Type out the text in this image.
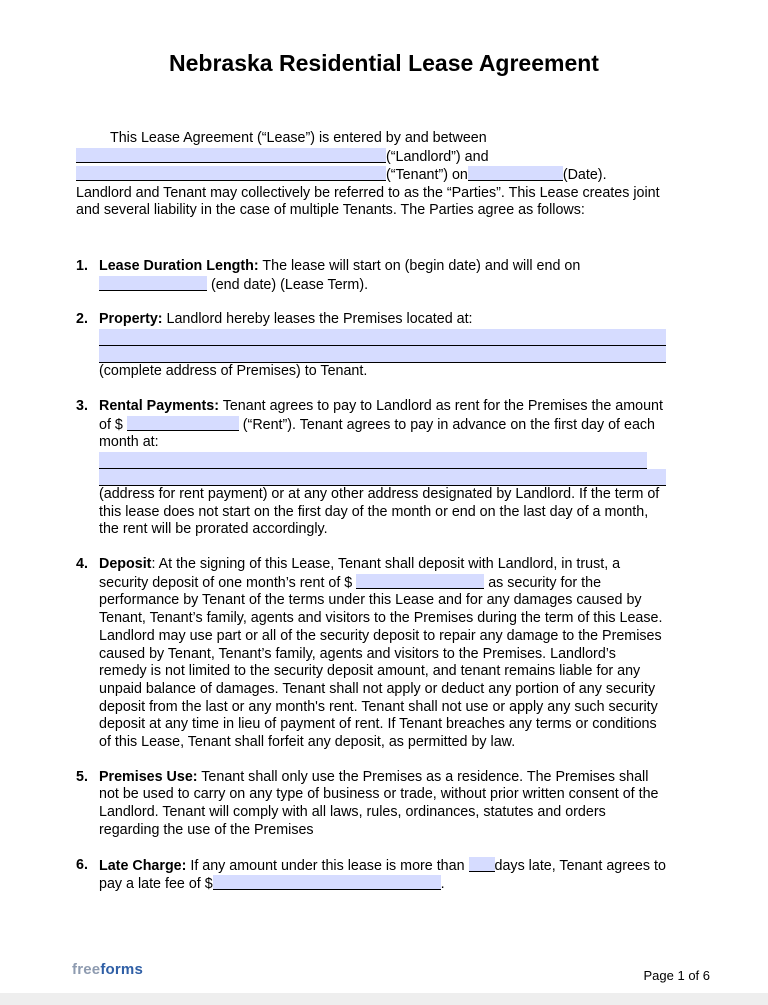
Nebraska Residential Lease Agreement
This Lease Agreement (“Lease”) is entered by and between
(“Landlord”) and
(“Tenant”) on	(Date).
Landlord and Tenant may collectively be referred to as the “Parties”. This Lease creates joint and several liability in the case of multiple Tenants. The Parties agree as follows:
1. Lease Duration Length: The lease will start on (begin date) and will end on
(end date) (Lease Term).
2. Property: Landlord hereby leases the Premises located at:
(complete address of Premises) to Tenant.
3. Rental Payments: Tenant agrees to pay to Landlord as rent for the Premises the amount of $	(“Rent”). Tenant agrees to pay in advance on the first day of each month at:
(address for rent payment) or at any other address designated by Landlord. If the term of this lease does not start on the first day of the month or end on the last day of a month, the rent will be prorated accordingly.
4. Deposit: At the signing of this Lease, Tenant shall deposit with Landlord, in trust, a security deposit of one month’s rent of $	as security for the performance by Tenant of the terms under this Lease and for any damages caused by Tenant, Tenant’s family, agents and visitors to the Premises during the term of this Lease. Landlord may use part or all of the security deposit to repair any damage to the Premises caused by Tenant, Tenant’s family, agents and visitors to the Premises. Landlord’s remedy is not limited to the security deposit amount, and tenant remains liable for any unpaid balance of damages. Tenant shall not apply or deduct any portion of any security deposit from the last or any month's rent. Tenant shall not use or apply any such security deposit at any time in lieu of payment of rent. If Tenant breaches any terms or conditions of this Lease, Tenant shall forfeit any deposit, as permitted by law.
5. Premises Use: Tenant shall only use the Premises as a residence. The Premises shall not be used to carry on any type of business or trade, without prior written consent of the Landlord. Tenant will comply with all laws, rules, ordinances, statutes and orders regarding the use of the Premises
6. Late Charge: If any amount under this lease is more than days late, Tenant agrees to pay a late fee of $	.
freeforms	Page 1 of 6
